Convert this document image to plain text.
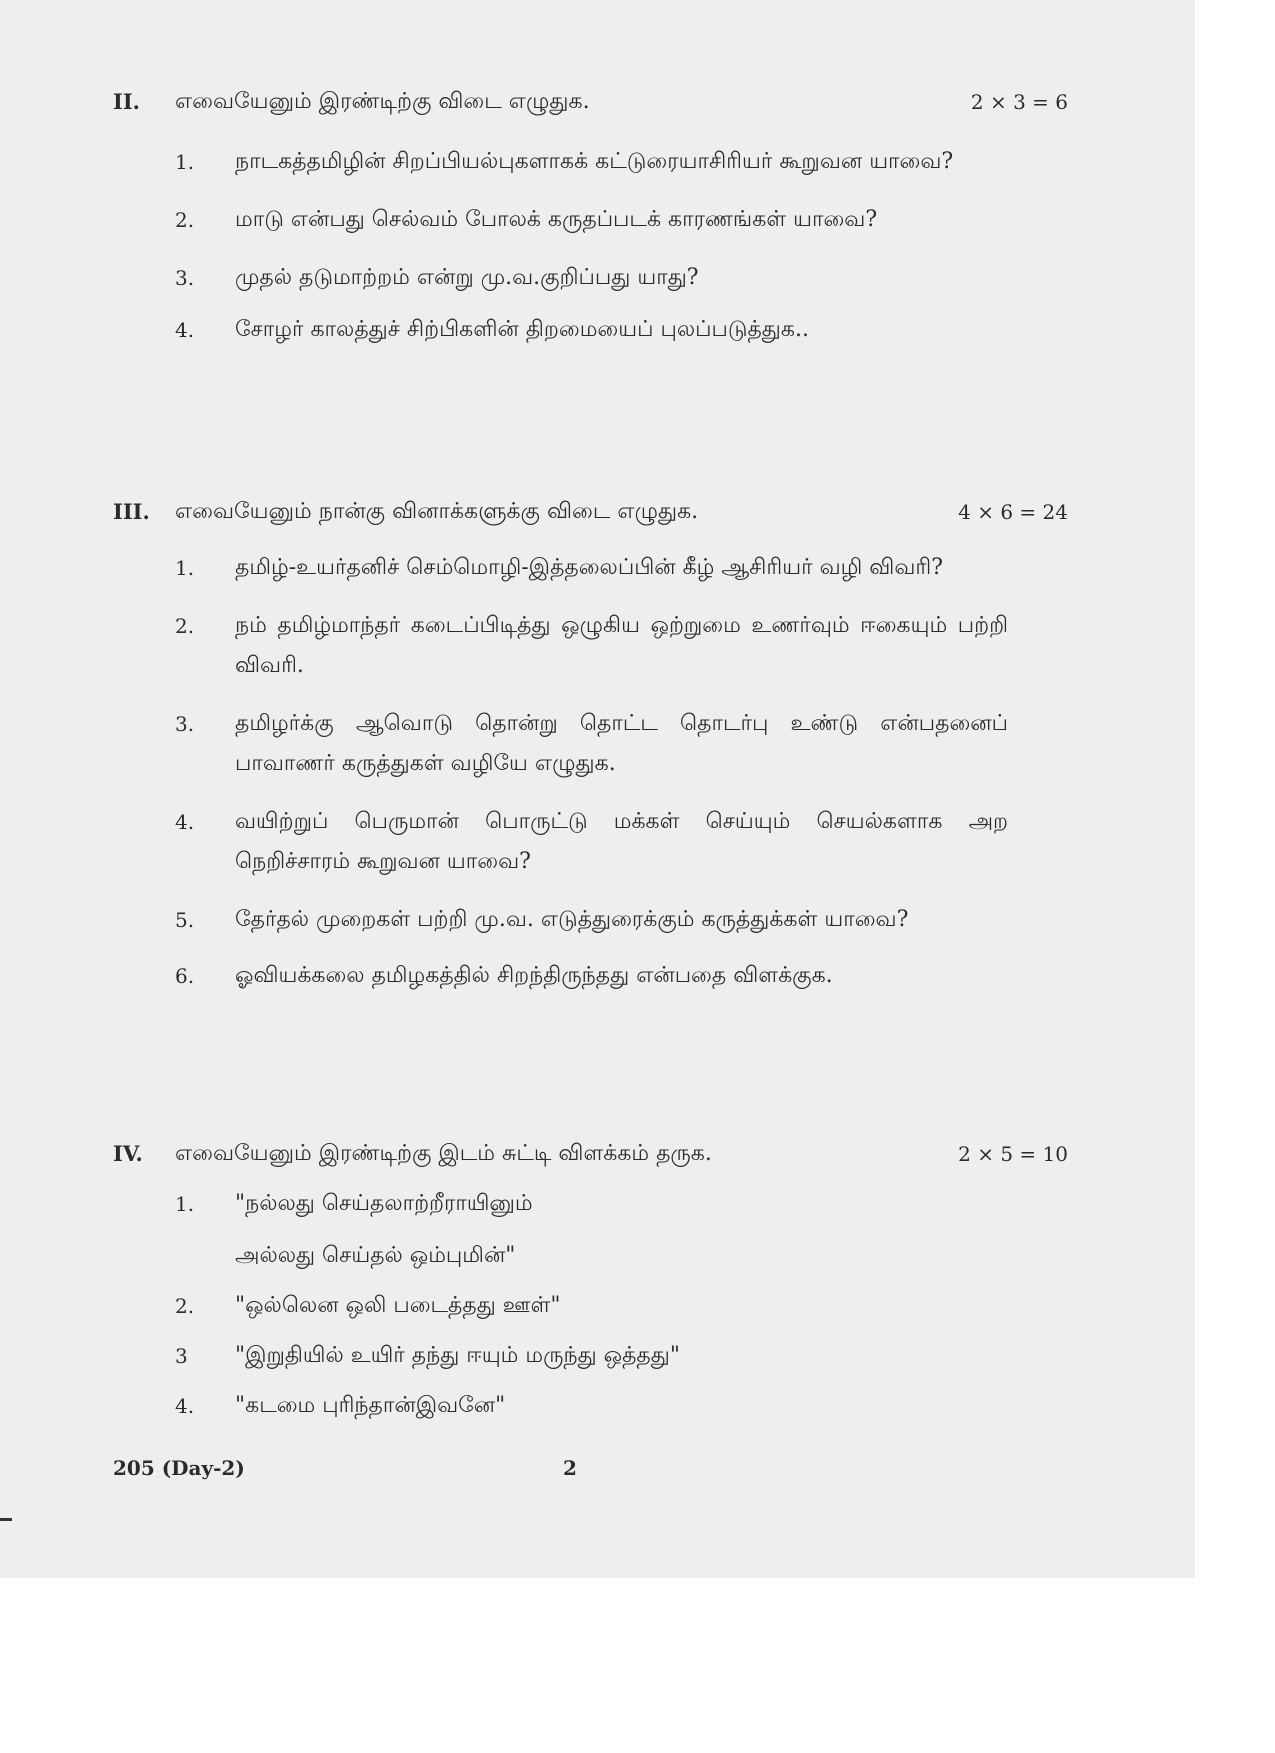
II. எவையேனும் இரண்டிற்கு விடை எழுதுக.	2 × 3 = 6
1. நாடகத்தமிழின் சிறப்பியல்புகளாகக் கட்டுரையாசிரியர் கூறுவன யாவை?
2. மாடு என்பது செல்வம் போலக் கருதப்படக் காரணங்கள் யாவை?
3. முதல் தடுமாற்றம் என்று மு.வ.குறிப்பது யாது?
4. சோழர் காலத்துச் சிற்பிகளின் திறமையைப் புலப்படுத்துக..
III. எவையேனும் நான்கு வினாக்களுக்கு விடை எழுதுக.	4 × 6 = 24
1. தமிழ்-உயர்தனிச் செம்மொழி-இத்தலைப்பின் கீழ் ஆசிரியர் வழி விவரி?
2. நம் தமிழ்மாந்தர் கடைப்பிடித்து ஒழுகிய ஒற்றுமை உணர்வும் ஈகையும் பற்றி விவரி.
3. தமிழர்க்கு ஆவொடு தொன்று தொட்ட தொடர்பு உண்டு என்பதனைப் பாவாணர் கருத்துகள் வழியே எழுதுக.
4. வயிற்றுப் பெருமான் பொருட்டு மக்கள் செய்யும் செயல்களாக அற நெறிச்சாரம் கூறுவன யாவை?
5. தேர்தல் முறைகள் பற்றி மு.வ. எடுத்துரைக்கும் கருத்துக்கள் யாவை?
6. ஓவியக்கலை தமிழகத்தில் சிறந்திருந்தது என்பதை விளக்குக.
IV. எவையேனும் இரண்டிற்கு இடம் சுட்டி விளக்கம் தருக.	2 × 5 = 10
1. "நல்லது செய்தலாற்றீராயினும்
அல்லது செய்தல் ஒம்புமின்"
2. "ஒல்லென ஒலி படைத்தது ஊள்"
3 "இறுதியில் உயிர் தந்து ஈயும் மருந்து ஒத்தது"
4. "கடமை புரிந்தான்இவனே"
205 (Day-2)	2
